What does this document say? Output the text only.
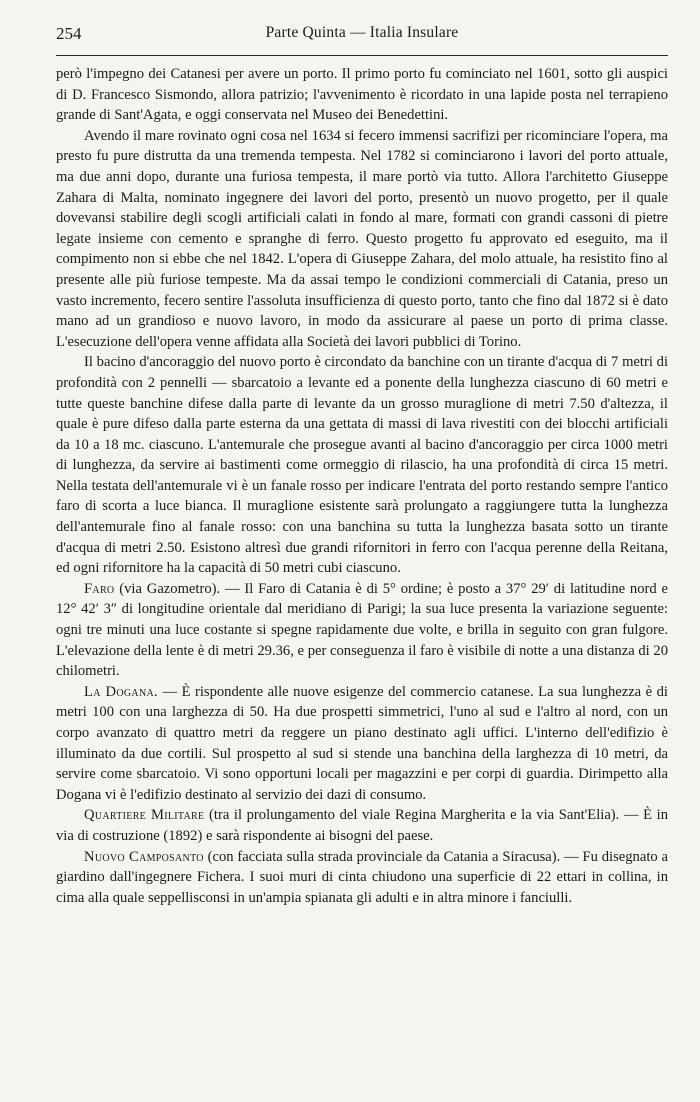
254	Parte Quinta — Italia Insulare

però l'impegno dei Catanesi per avere un porto. Il primo porto fu cominciato nel 1601, sotto gli auspici di D. Francesco Sismondo, allora patrizio; l'avvenimento è ricordato in una lapide posta nel terrapieno grande di Sant'Agata, e oggi conservata nel Museo dei Benedettini.

Avendo il mare rovinato ogni cosa nel 1634 si fecero immensi sacrifizi per ricominciare l'opera, ma presto fu pure distrutta da una tremenda tempesta. Nel 1782 si cominciarono i lavori del porto attuale, ma due anni dopo, durante una furiosa tempesta, il mare portò via tutto. Allora l'architetto Giuseppe Zahara di Malta, nominato ingegnere dei lavori del porto, presentò un nuovo progetto, per il quale dovevansi stabilire degli scogli artificiali calati in fondo al mare, formati con grandi cassoni di pietre legate insieme con cemento e spranghe di ferro. Questo progetto fu approvato ed eseguito, ma il compimento non si ebbe che nel 1842. L'opera di Giuseppe Zahara, del molo attuale, ha resistito fino al presente alle più furiose tempeste. Ma da assai tempo le condizioni commerciali di Catania, preso un vasto incremento, fecero sentire l'assoluta insufficienza di questo porto, tanto che fino dal 1872 si è dato mano ad un grandioso e nuovo lavoro, in modo da assicurare al paese un porto di prima classe. L'esecuzione dell'opera venne affidata alla Società dei lavori pubblici di Torino.

Il bacino d'ancoraggio del nuovo porto è circondato da banchine con un tirante d'acqua di 7 metri di profondità con 2 pennelli — sbarcatoio a levante ed a ponente della lunghezza ciascuno di 60 metri e tutte queste banchine difese dalla parte di levante da un grosso muraglione di metri 7.50 d'altezza, il quale è pure difeso dalla parte esterna da una gettata di massi di lava rivestiti con dei blocchi artificiali da 10 a 18 mc. ciascuno. L'antemurale che prosegue avanti al bacino d'ancoraggio per circa 1000 metri di lunghezza, da servire ai bastimenti come ormeggio di rilascio, ha una profondità di circa 15 metri. Nella testata dell'antemurale vi è un fanale rosso per indicare l'entrata del porto restando sempre l'antico faro di scorta a luce bianca. Il muraglione esistente sarà prolungato a raggiungere tutta la lunghezza dell'antemurale fino al fanale rosso: con una banchina su tutta la lunghezza basata sotto un tirante d'acqua di metri 2.50. Esistono altresì due grandi rifornitori in ferro con l'acqua perenne della Reitana, ed ogni rifornitore ha la capacità di 50 metri cubi ciascuno.

Faro (via Gazometro). — Il Faro di Catania è di 5° ordine; è posto a 37° 29′ di latitudine nord e 12° 42′ 3″ di longitudine orientale dal meridiano di Parigi; la sua luce presenta la variazione seguente: ogni tre minuti una luce costante si spegne rapidamente due volte, e brilla in seguito con gran fulgore. L'elevazione della lente è di metri 29.36, e per conseguenza il faro è visibile di notte a una distanza di 20 chilometri.

La Dogana. — È rispondente alle nuove esigenze del commercio catanese. La sua lunghezza è di metri 100 con una larghezza di 50. Ha due prospetti simmetrici, l'uno al sud e l'altro al nord, con un corpo avanzato di quattro metri da reggere un piano destinato agli uffici. L'interno dell'edifizio è illuminato da due cortili. Sul prospetto al sud si stende una banchina della larghezza di 10 metri, da servire come sbarcatoio. Vi sono opportuni locali per magazzini e per corpi di guardia. Dirimpetto alla Dogana vi è l'edifizio destinato al servizio dei dazi di consumo.

Quartiere Militare (tra il prolungamento del viale Regina Margherita e la via Sant'Elia). — È in via di costruzione (1892) e sarà rispondente ai bisogni del paese.

Nuovo Camposanto (con facciata sulla strada provinciale da Catania a Siracusa). — Fu disegnato a giardino dall'ingegnere Fichera. I suoi muri di cinta chiudono una superficie di 22 ettari in collina, in cima alla quale seppellisconsi in un'ampia spianata gli adulti e in altra minore i fanciulli.
